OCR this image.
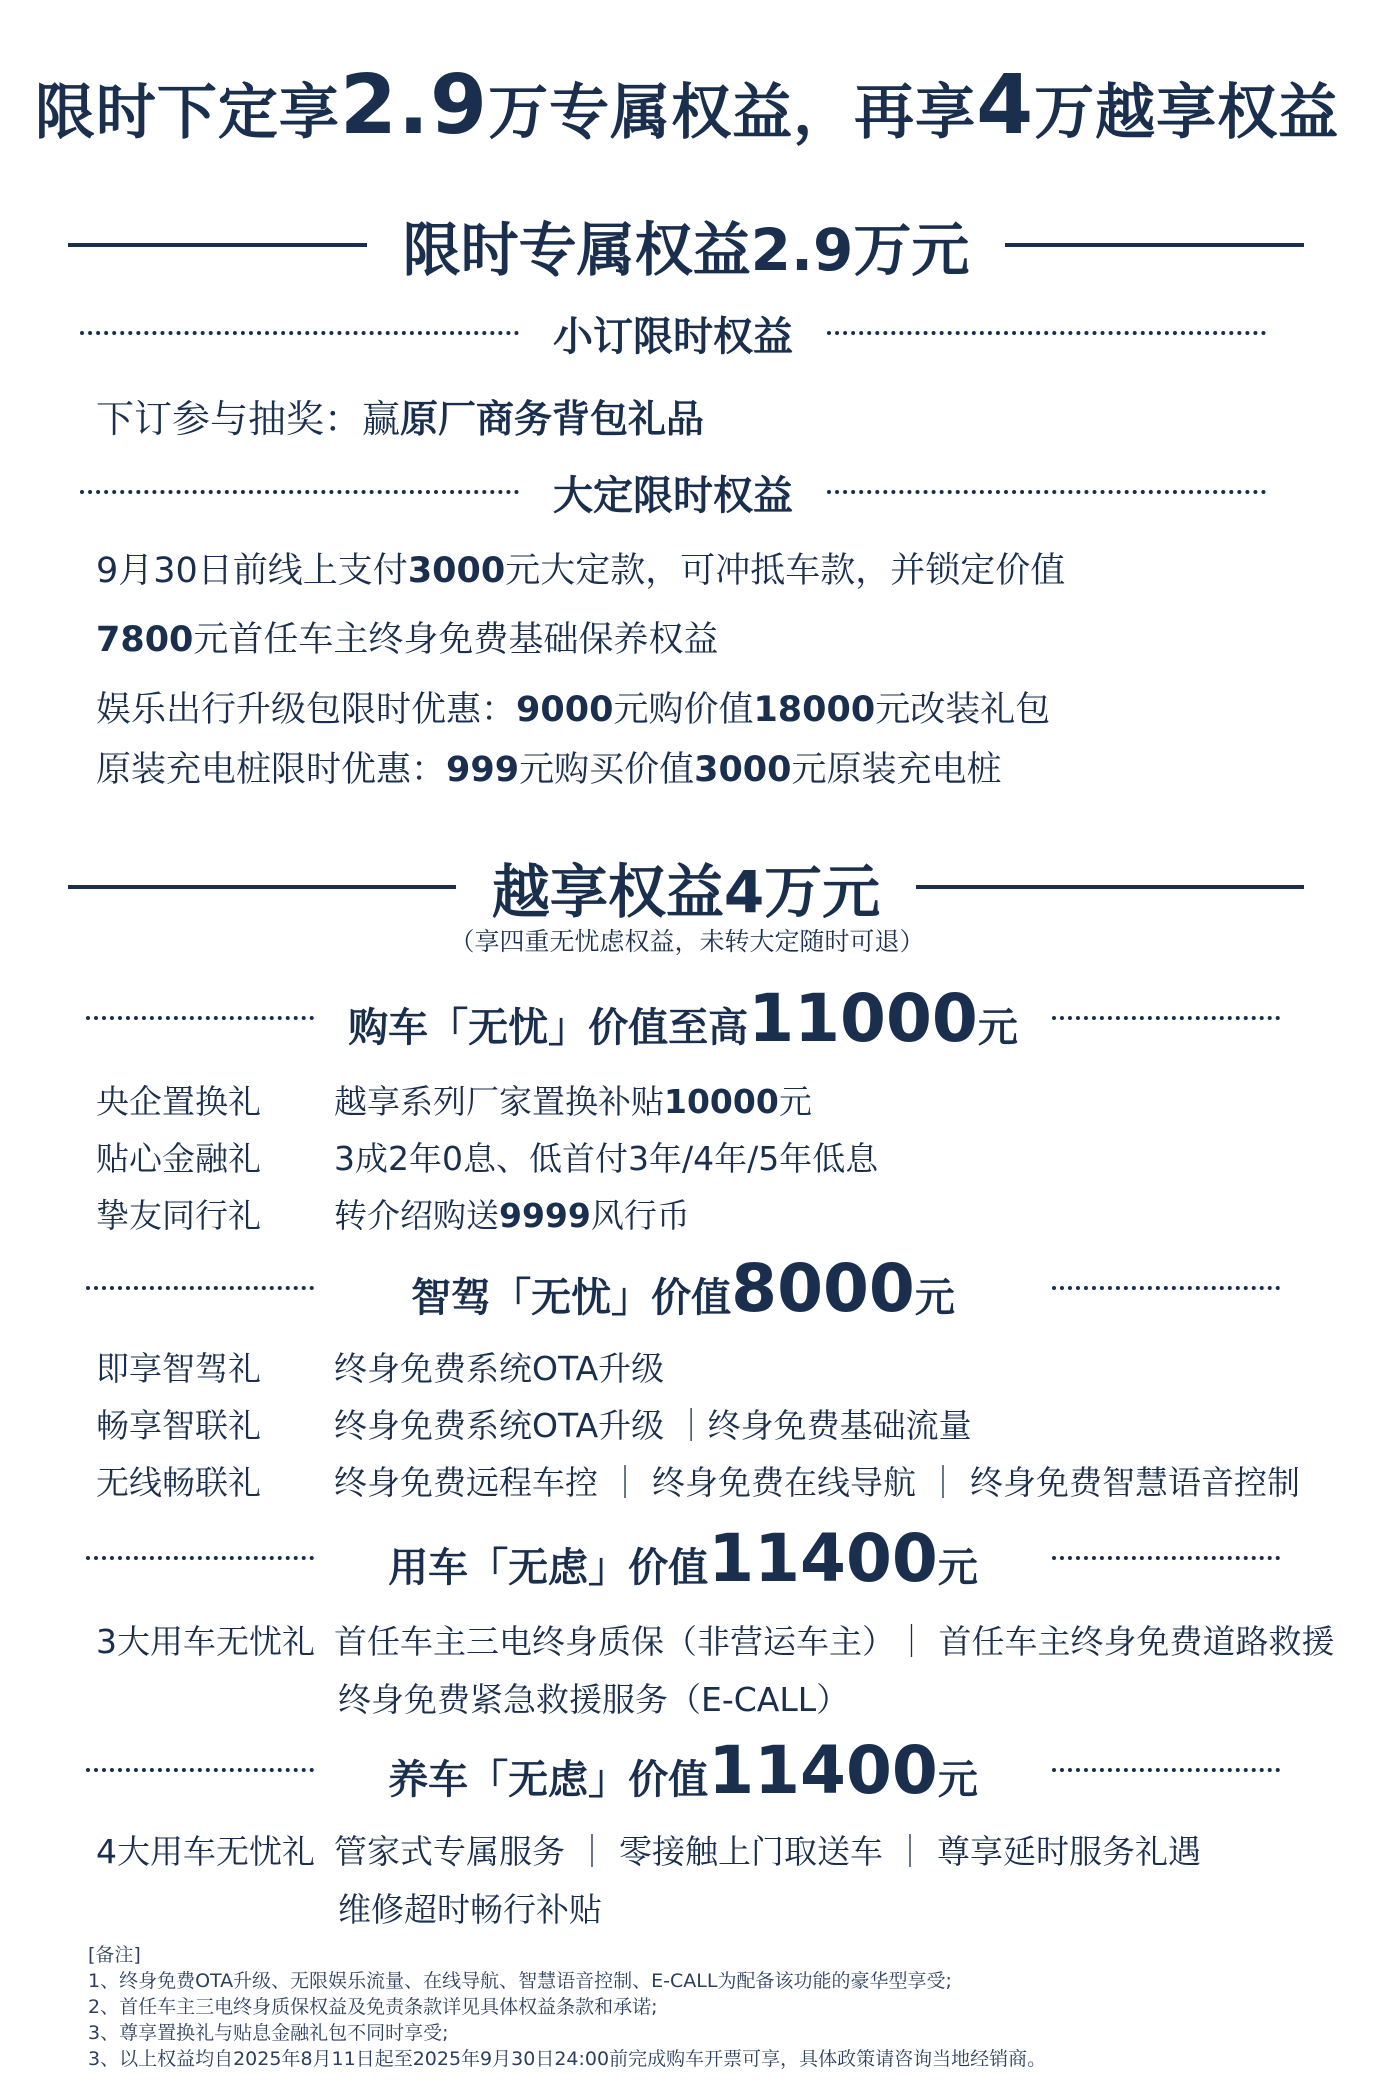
限时下定享2.9万专属权益，再享4万越享权益
限时专属权益2.9万元
小订限时权益
下订参与抽奖：赢原厂商务背包礼品
大定限时权益
9月30日前线上支付3000元大定款，可冲抵车款，并锁定价值
7800元首任车主终身免费基础保养权益
娱乐出行升级包限时优惠：9000元购价值18000元改装礼包
原装充电桩限时优惠：999元购买价值3000元原装充电桩
越享权益4万元
（享四重无忧虑权益，未转大定随时可退）
购车「无忧」价值至高11000元
央企置换礼 越享系列厂家置换补贴10000元
贴心金融礼 3成2年0息、低首付3年/4年/5年低息
挚友同行礼 转介绍购送9999风行币
智驾「无忧」价值8000元
即享智驾礼 终身免费系统OTA升级
畅享智联礼 终身免费系统OTA升级 ｜终身免费基础流量
无线畅联礼 终身免费远程车控 ｜ 终身免费在线导航 ｜ 终身免费智慧语音控制
用车「无虑」价值11400元
3大用车无忧礼 首任车主三电终身质保（非营运车主）｜ 首任车主终身免费道路救援
终身免费紧急救援服务（E-CALL）
养车「无虑」价值11400元
4大用车无忧礼 管家式专属服务 ｜ 零接触上门取送车 ｜ 尊享延时服务礼遇
维修超时畅行补贴
[备注]
1、终身免费OTA升级、无限娱乐流量、在线导航、智慧语音控制、E-CALL为配备该功能的豪华型享受;
2、首任车主三电终身质保权益及免责条款详见具体权益条款和承诺;
3、尊享置换礼与贴息金融礼包不同时享受;
3、以上权益均自2025年8月11日起至2025年9月30日24:00前完成购车开票可享，具体政策请咨询当地经销商。
